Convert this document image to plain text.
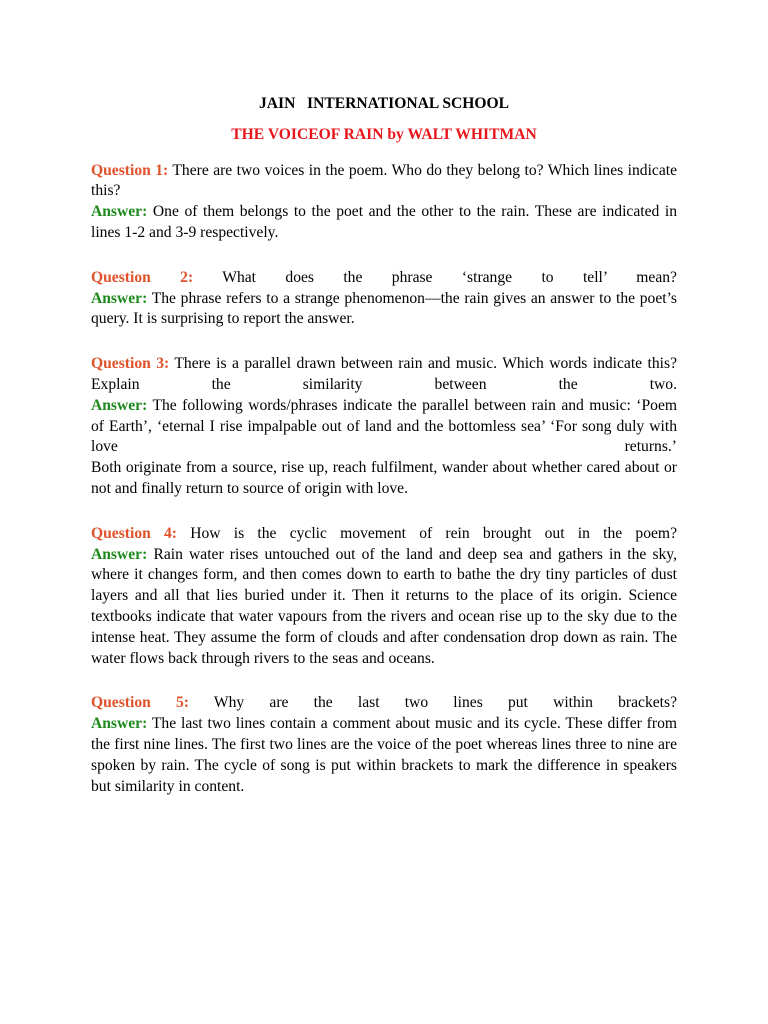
JAIN   INTERNATIONAL SCHOOL
THE VOICEOF RAIN by WALT WHITMAN

Question 1: There are two voices in the poem. Who do they belong to? Which lines indicate this?

Answer: One of them belongs to the poet and the other to the rain. These are indicated in lines 1-2 and 3-9 respectively.

Question 2: What does the phrase ‘strange to tell’ mean?

Answer: The phrase refers to a strange phenomenon—the rain gives an answer to the poet’s query. It is surprising to report the answer.

Question 3: There is a parallel drawn between rain and music. Which words indicate this? Explain the similarity between the two.

Answer: The following words/phrases indicate the parallel between rain and music: ‘Poem of Earth’, ‘eternal I rise impalpable out of land and the bottomless sea’ ‘For song duly with love returns.’

Both originate from a source, rise up, reach fulfilment, wander about whether cared about or not and finally return to source of origin with love.

Question 4: How is the cyclic movement of rein brought out in the poem?

Answer: Rain water rises untouched out of the land and deep sea and gathers in the sky, where it changes form, and then comes down to earth to bathe the dry tiny particles of dust layers and all that lies buried under it. Then it returns to the place of its origin. Science textbooks indicate that water vapours from the rivers and ocean rise up to the sky due to the intense heat. They assume the form of clouds and after condensation drop down as rain. The water flows back through rivers to the seas and oceans.

Question 5: Why are the last two lines put within brackets?

Answer: The last two lines contain a comment about music and its cycle. These differ from the first nine lines. The first two lines are the voice of the poet whereas lines three to nine are spoken by rain. The cycle of song is put within brackets to mark the difference in speakers but similarity in content.
